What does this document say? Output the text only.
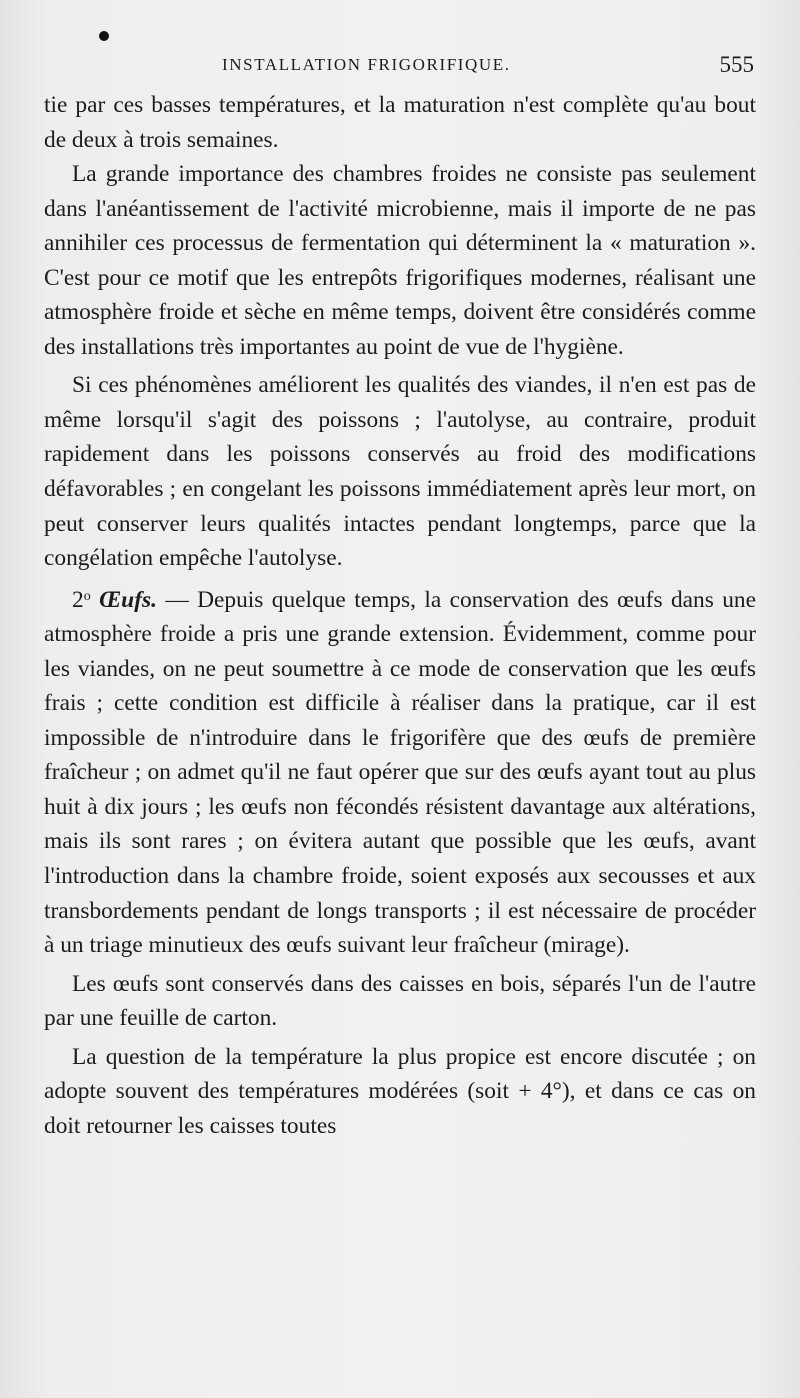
INSTALLATION FRIGORIFIQUE.	555

tie par ces basses températures, et la maturation n'est complète qu'au bout de deux à trois semaines.

La grande importance des chambres froides ne consiste pas seulement dans l'anéantissement de l'activité microbienne, mais il importe de ne pas annihiler ces processus de fermentation qui déterminent la « maturation ». C'est pour ce motif que les entrepôts frigorifiques modernes, réalisant une atmosphère froide et sèche en même temps, doivent être considérés comme des installations très importantes au point de vue de l'hygiène.

Si ces phénomènes améliorent les qualités des viandes, il n'en est pas de même lorsqu'il s'agit des poissons ; l'autolyse, au contraire, produit rapidement dans les poissons conservés au froid des modifications défavorables ; en congelant les poissons immédiatement après leur mort, on peut conserver leurs qualités intactes pendant longtemps, parce que la congélation empêche l'autolyse.

2$^o$ Œufs. — Depuis quelque temps, la conservation des œufs dans une atmosphère froide a pris une grande extension. Évidemment, comme pour les viandes, on ne peut soumettre à ce mode de conservation que les œufs frais ; cette condition est difficile à réaliser dans la pratique, car il est impossible de n'introduire dans le frigorifère que des œufs de première fraîcheur ; on admet qu'il ne faut opérer que sur des œufs ayant tout au plus huit à dix jours ; les œufs non fécondés résistent davantage aux altérations, mais ils sont rares ; on évitera autant que possible que les œufs, avant l'introduction dans la chambre froide, soient exposés aux secousses et aux transbordements pendant de longs transports ; il est nécessaire de procéder à un triage minutieux des œufs suivant leur fraîcheur (mirage).

Les œufs sont conservés dans des caisses en bois, séparés l'un de l'autre par une feuille de carton.

La question de la température la plus propice est encore discutée ; on adopte souvent des températures modérées (soit + 4°), et dans ce cas on doit retourner les caisses toutes
